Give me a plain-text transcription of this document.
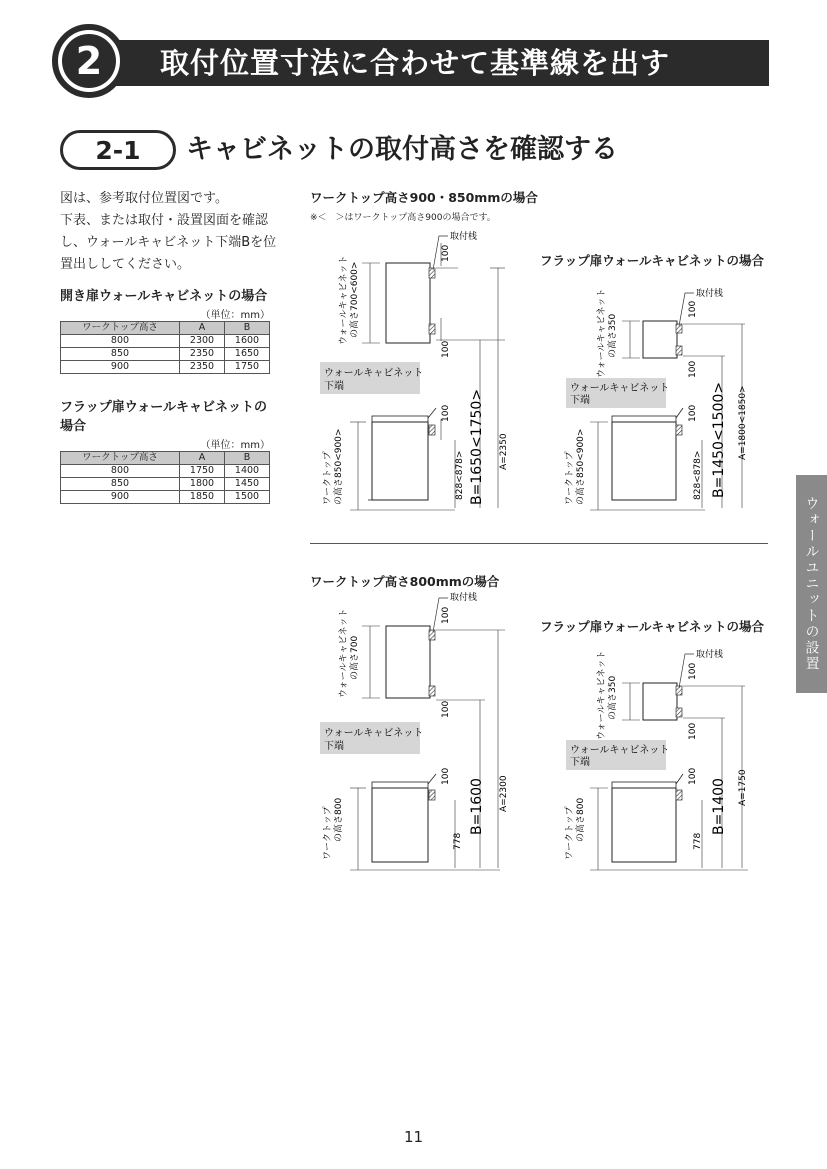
2	取付位置寸法に合わせて基準線を出す
2-1	キャビネットの取付高さを確認する
図は、参考取付位置図です。
下表、または取付・設置図面を確認
し、ウォールキャビネット下端Bを位
置出ししてください。
開き扉ウォールキャビネットの場合
（単位：mm）
ワークトップ高さ	A	B
800	2300	1600
850	2350	1650
900	2350	1750
フラップ扉ウォールキャビネットの場合
（単位：mm）
ワークトップ高さ	A	B
800	1750	1400
850	1800	1450
900	1850	1500
ワークトップ高さ900・850mmの場合
※＜　＞はワークトップ高さ900の場合です。
フラップ扉ウォールキャビネットの場合
ワークトップ高さ800mmの場合
フラップ扉ウォールキャビネットの場合
取付桟
100
100
100
ウォールキャビネット の高さ700<600>
ウォールキャビネット
下端
ワークトップ の高さ850<900>	828<878> B=1650<1750> A=2350
取付桟
100
100
100
ウォールキャビネット の高さ350
ウォールキャビネット
下端
ワークトップ の高さ850<900>	828<878> B=1450<1500> A=1800<1850>
取付桟
100
100
100
ウォールキャビネット の高さ700
ウォールキャビネット
下端
ワークトップ の高さ800	778
B=1600 A=2300
取付桟
100
100
100
ウォールキャビネット の高さ350
ウォールキャビネット
下端
ワークトップ の高さ800	778
B=1400 A=1750
ウォールユニットの設置
11
